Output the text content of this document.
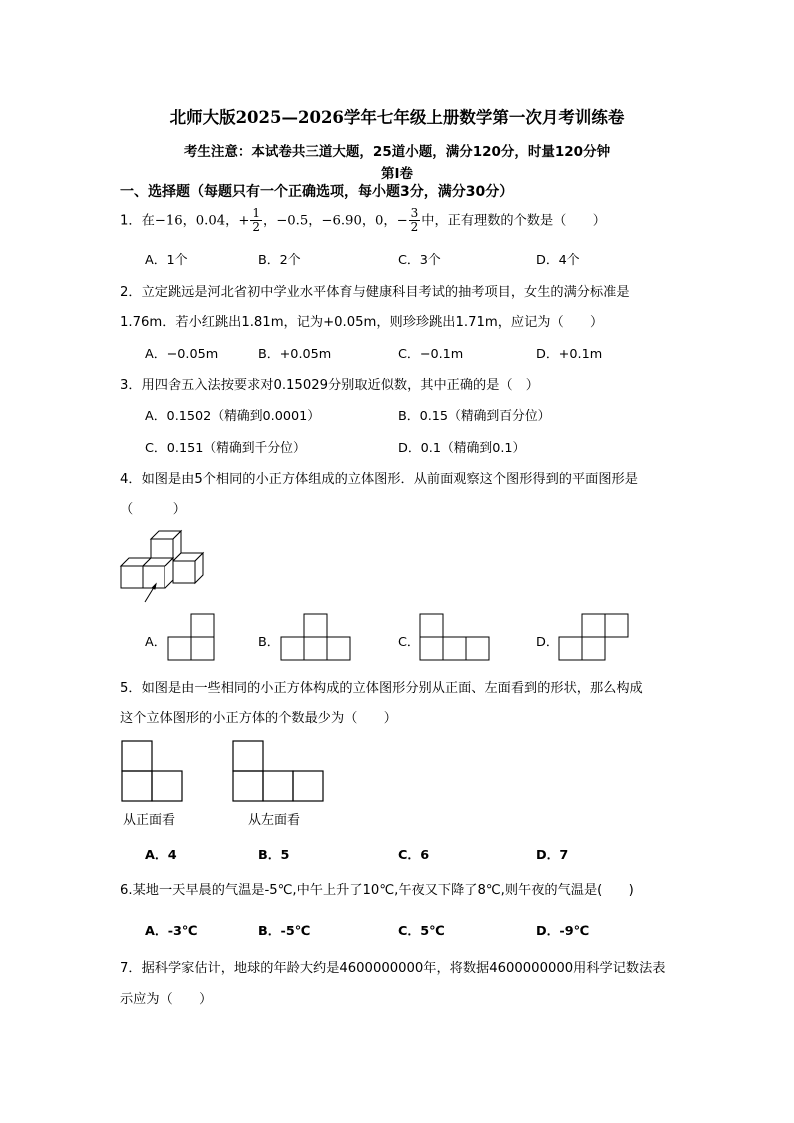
北师大版2025—2026学年七年级上册数学第一次月考训练卷
考生注意：本试卷共三道大题，25道小题，满分120分，时量120分钟
第Ⅰ卷
一、选择题（每题只有一个正确选项，每小题3分，满分30分）
1．在−16，0.04，+ $\frac{1}{2}$ ，−0.5，−6.90，0，− $\frac{3}{2}$ 中，正有理数的个数是（　　）
A．1个	B．2个	C．3个	D．4个
2．立定跳远是河北省初中学业水平体育与健康科目考试的抽考项目，女生的满分标准是
1.76m．若小红跳出1.81m，记为+0.05m，则珍珍跳出1.71m，应记为（　　）
A．−0.05m	B．+0.05m	C．−0.1m	D．+0.1m
3．用四舍五入法按要求对0.15029分别取近似数，其中正确的是（　）
A．0.1502（精确到0.0001）	B．0.15（精确到百分位）
C．0.151（精确到千分位）	D．0.1（精确到0.1）
4．如图是由5个相同的小正方体组成的立体图形．从前面观察这个图形得到的平面图形是
（　　　）
A．	B．	C．	D．
5．如图是由一些相同的小正方体构成的立体图形分别从正面、左面看到的形状，那么构成
这个立体图形的小正方体的个数最少为（　　）
从正面看	从左面看
A．4	B．5	C．6	D．7
6.某地一天早晨的气温是-5℃,中午上升了10℃,午夜又下降了8℃,则午夜的气温是(　　)
A．-3℃	B．-5℃	C．5℃	D．-9℃
7．据科学家估计，地球的年龄大约是4600000000年，将数据4600000000用科学记数法表
示应为（　　）
